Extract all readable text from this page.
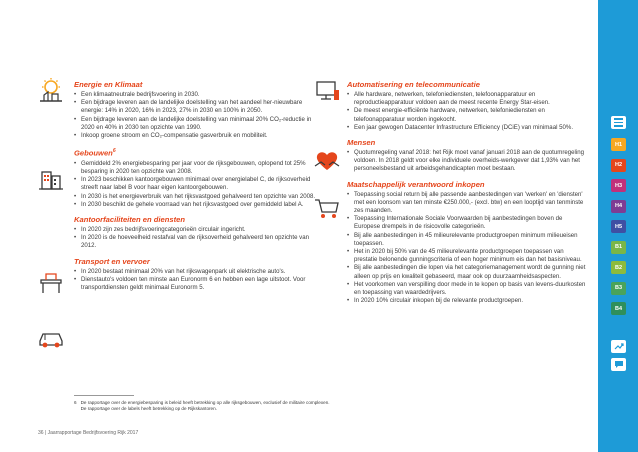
Energie en Klimaat
• Een klimaatneutrale bedrijfsvoering in 2030.
• Een bijdrage leveren aan de landelijke doelstelling van het aandeel her-nieuwbare energie: 14% in 2020, 16% in 2023, 27% in 2030 en 100% in 2050.
• Een bijdrage leveren aan de landelijke doelstelling van minimaal 20% CO₂-reductie in 2020 en 40% in 2030 ten opzichte van 1990.
• Inkoop groene stroom en CO₂-compensatie gasverbruik en mobiliteit.
Gebouwen$^6$
• Gemiddeld 2% energiebesparing per jaar voor de rijksgebouwen, oplopend tot 25% besparing in 2020 ten opzichte van 2008.
• In 2023 beschikken kantoorgebouwen minimaal over energielabel C, de rijksoverheid streeft naar label B voor haar eigen kantoorgebouwen.
• In 2030 is het energieverbruik van het rijksvastgoed gehalveerd ten opzichte van 2008.
• In 2030 beschikt de gehele voorraad van het rijksvastgoed over gemiddeld label A.
Kantoorfaciliteiten en diensten
• In 2020 zijn zes bedrijfsvoeringcategorieën circulair ingericht.
• In 2020 is de hoeveelheid restafval van de rijksoverheid gehalveerd ten opzichte van 2012.
Transport en vervoer
• In 2020 bestaat minimaal 20% van het rijkswagenpark uit elektrische auto's.
• Dienstauto's voldoen ten minste aan Euronorm 6 en hebben een lage uitstoot. Voor transportdiensten geldt minimaal Euronorm 5.
Automatisering en telecommunicatie
• Alle hardware, netwerken, telefoniediensten, telefoonapparatuur en reproductieapparatuur voldoen aan de meest recente Energy Star-eisen.
• De meest energie-efficiënte hardware, netwerken, telefoniediensten en telefoonapparatuur worden ingekocht.
• Een jaar gewogen Datacenter Infrastructure Efficiency (DCiE) van minimaal 50%.
Mensen
• Quotumregeling vanaf 2018: het Rijk moet vanaf januari 2018 aan de quotumregeling voldoen. In 2018 geldt voor elke individuele overheids-werkgever dat 1,93% van het personeelsbestand uit arbeidsgehandicapten moet bestaan.
Maatschappelijk verantwoord inkopen
• Toepassing social return bij alle passende aanbestedingen van 'werken' en 'diensten' met een loonsom van ten minste €250.000,- (excl. btw) en een looptijd van tenminste zes maanden.
• Toepassing Internationale Sociale Voorwaarden bij aanbestedingen boven de Europese drempels in de risicovolle categorieën.
• Bij alle aanbestedingen in 45 milieurelevante productgroepen minimum milieueisen toepassen.
• Het in 2020 bij 50% van de 45 milieurelevante productgroepen toepassen van prestatie belonende gunningscriteria of een hoger minimum eis dan het basisniveau.
• Bij alle aanbestedingen die lopen via het categoriemanagement wordt de gunning niet alleen op prijs en kwaliteit gebaseerd, maar ook op duurzaamheidsaspecten.
• Het voorkomen van verspilling door mede in te kopen op basis van levens-duurkosten en toepassing van waardedrijvers.
• In 2020 10% circulair inkopen bij de relevante productgroepen.
6 De rapportage over de energiebesparing is beleid heeft betrekking op alle rijksgebouwen, exclusief de militaire complexen. De rapportage over de labels heeft betrekking op de Rijkskantoren.
36 | Jaarrapportage Bedrijfsvoering Rijk 2017
H1
H2
H3
H4
H5
B1
B2
B3
B4
